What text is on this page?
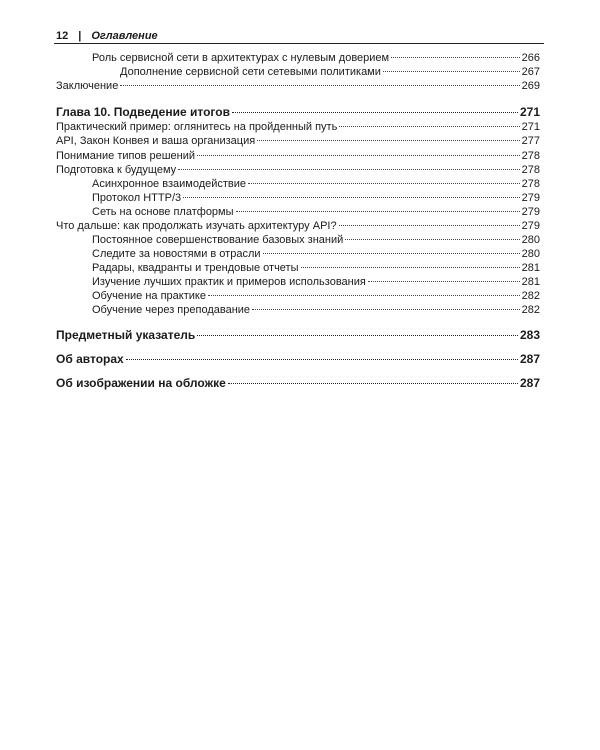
12 | Оглавление
Роль сервисной сети в архитектурах с нулевым доверием	266
Дополнение сервисной сети сетевыми политиками	267
Заключение	269
Глава 10. Подведение итогов	271
Практический пример: оглянитесь на пройденный путь	271
API, Закон Конвея и ваша организация	277
Понимание типов решений	278
Подготовка к будущему	278
Асинхронное взаимодействие	278
Протокол HTTP/3	279
Сеть на основе платформы	279
Что дальше: как продолжать изучать архитектуру API?	279
Постоянное совершенствование базовых знаний	280
Следите за новостями в отрасли	280
Радары, квадранты и трендовые отчеты	281
Изучение лучших практик и примеров использования	281
Обучение на практике	282
Обучение через преподавание	282
Предметный указатель	283
Об авторах	287
Об изображении на обложке	287
